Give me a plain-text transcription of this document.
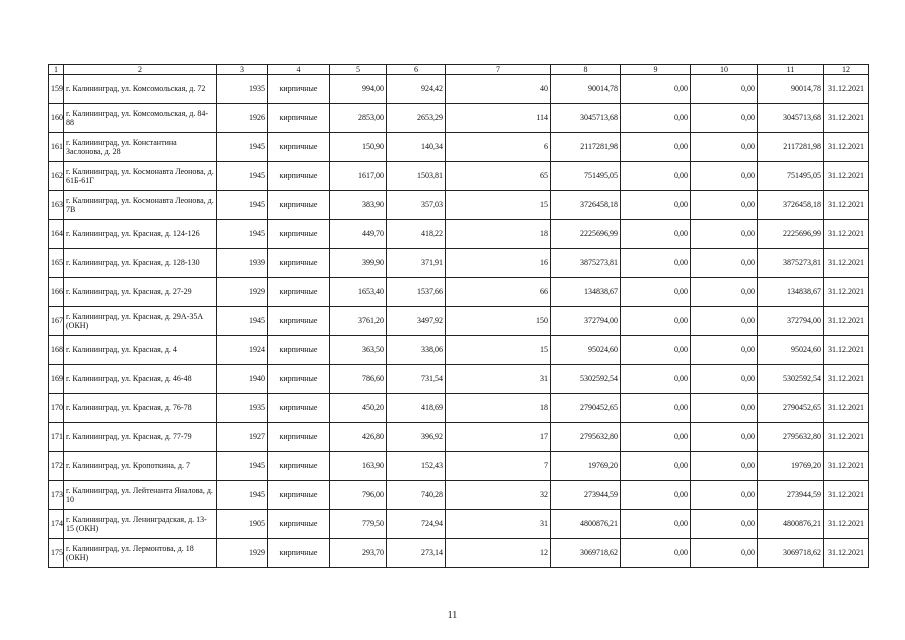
1	2	3	4	5	6	7	8	9	10	11	12
159	г. Калининград, ул. Комсомольская, д. 72	1935	кирпичные	994,00	924,42	40	90014,78	0,00	0,00	90014,78	31.12.2021
160	г. Калининград, ул. Комсомольская, д. 84-88	1926	кирпичные	2853,00	2653,29	114	3045713,68	0,00	0,00	3045713,68	31.12.2021
161	г. Калининград, ул. Константина Заслонова, д. 28	1945	кирпичные	150,90	140,34	6	2117281,98	0,00	0,00	2117281,98	31.12.2021
162	г. Калининград, ул. Космонавта Леонова, д. 61Б-61Г	1945	кирпичные	1617,00	1503,81	65	751495,05	0,00	0,00	751495,05	31.12.2021
163	г. Калининград, ул. Космонавта Леонова, д. 7В	1945	кирпичные	383,90	357,03	15	3726458,18	0,00	0,00	3726458,18	31.12.2021
164	г. Калининград, ул. Красная, д. 124-126	1945	кирпичные	449,70	418,22	18	2225696,99	0,00	0,00	2225696,99	31.12.2021
165	г. Калининград, ул. Красная, д. 128-130	1939	кирпичные	399,90	371,91	16	3875273,81	0,00	0,00	3875273,81	31.12.2021
166	г. Калининград, ул. Красная, д. 27-29	1929	кирпичные	1653,40	1537,66	66	134838,67	0,00	0,00	134838,67	31.12.2021
167	г. Калининград, ул. Красная, д. 29А-35А (ОКН)	1945	кирпичные	3761,20	3497,92	150	372794,00	0,00	0,00	372794,00	31.12.2021
168	г. Калининград, ул. Красная, д. 4	1924	кирпичные	363,50	338,06	15	95024,60	0,00	0,00	95024,60	31.12.2021
169	г. Калининград, ул. Красная, д. 46-48	1940	кирпичные	786,60	731,54	31	5302592,54	0,00	0,00	5302592,54	31.12.2021
170	г. Калининград, ул. Красная, д. 76-78	1935	кирпичные	450,20	418,69	18	2790452,65	0,00	0,00	2790452,65	31.12.2021
171	г. Калининград, ул. Красная, д. 77-79	1927	кирпичные	426,80	396,92	17	2795632,80	0,00	0,00	2795632,80	31.12.2021
172	г. Калининград, ул. Кропоткина, д. 7	1945	кирпичные	163,90	152,43	7	19769,20	0,00	0,00	19769,20	31.12.2021
173	г. Калининград, ул. Лейтенанта Яналова, д. 10	1945	кирпичные	796,00	740,28	32	273944,59	0,00	0,00	273944,59	31.12.2021
174	г. Калининград, ул. Ленинградская, д. 13-15 (ОКН)	1905	кирпичные	779,50	724,94	31	4800876,21	0,00	0,00	4800876,21	31.12.2021
175	г. Калининград, ул. Лермонтова, д. 18 (ОКН)	1929	кирпичные	293,70	273,14	12	3069718,62	0,00	0,00	3069718,62	31.12.2021
11
